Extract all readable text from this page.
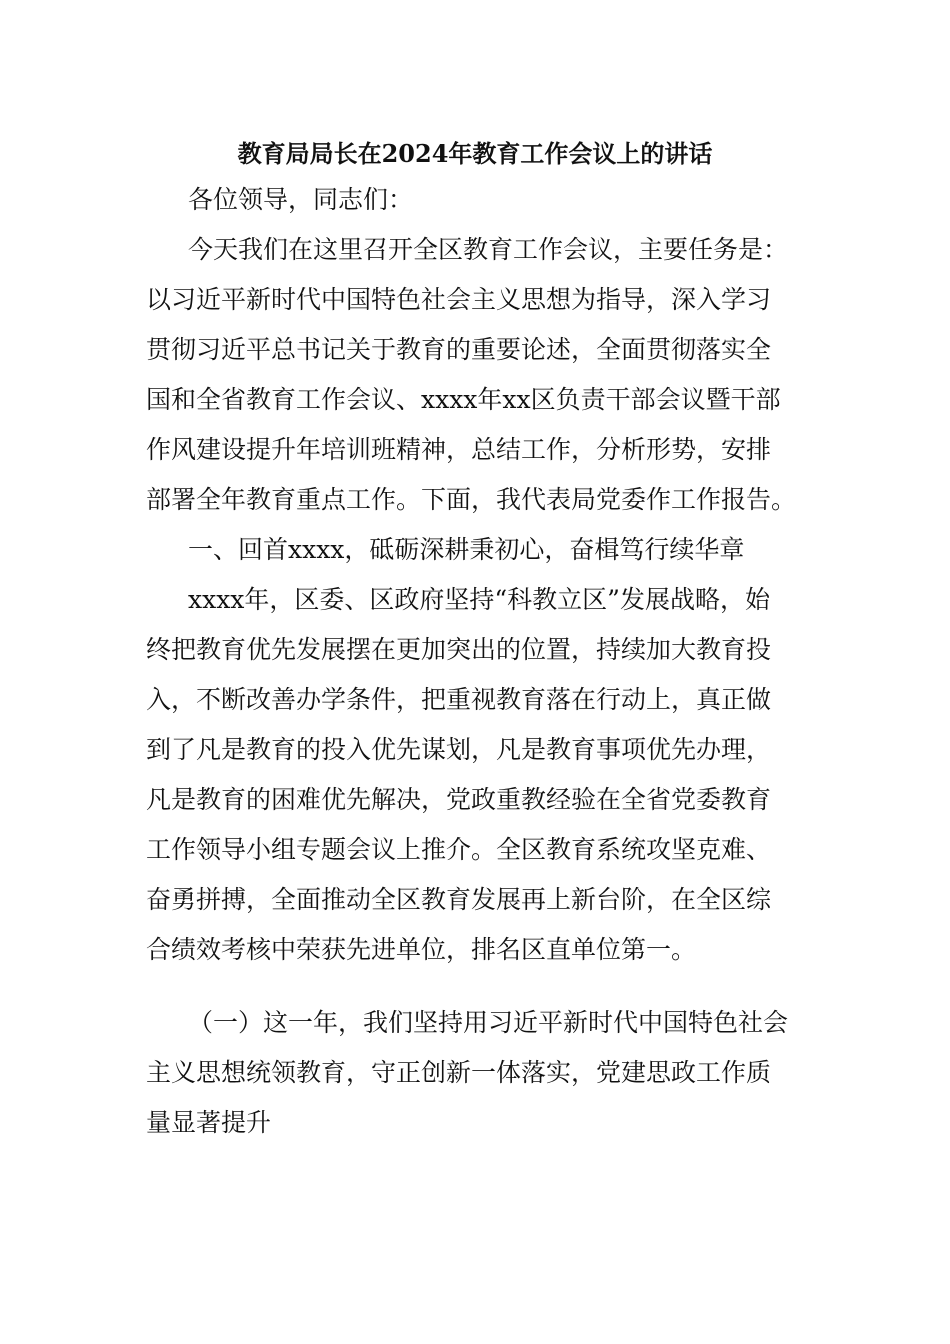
教育局局长在2024年教育工作会议上的讲话
各位领导，同志们：
今天我们在这里召开全区教育工作会议，主要任务是：
以习近平新时代中国特色社会主义思想为指导，深入学习
贯彻习近平总书记关于教育的重要论述，全面贯彻落实全
国和全省教育工作会议、xxxx年xx区负责干部会议暨干部
作风建设提升年培训班精神，总结工作，分析形势，安排
部署全年教育重点工作。下面，我代表局党委作工作报告。
一、回首xxxx，砥砺深耕秉初心，奋楫笃行续华章
xxxx年，区委、区政府坚持“科教立区”发展战略，始
终把教育优先发展摆在更加突出的位置，持续加大教育投
入，不断改善办学条件，把重视教育落在行动上，真正做
到了凡是教育的投入优先谋划，凡是教育事项优先办理，
凡是教育的困难优先解决，党政重教经验在全省党委教育
工作领导小组专题会议上推介。全区教育系统攻坚克难、
奋勇拼搏，全面推动全区教育发展再上新台阶，在全区综
合绩效考核中荣获先进单位，排名区直单位第一。
（一）这一年，我们坚持用习近平新时代中国特色社会
主义思想统领教育，守正创新一体落实，党建思政工作质
量显著提升
